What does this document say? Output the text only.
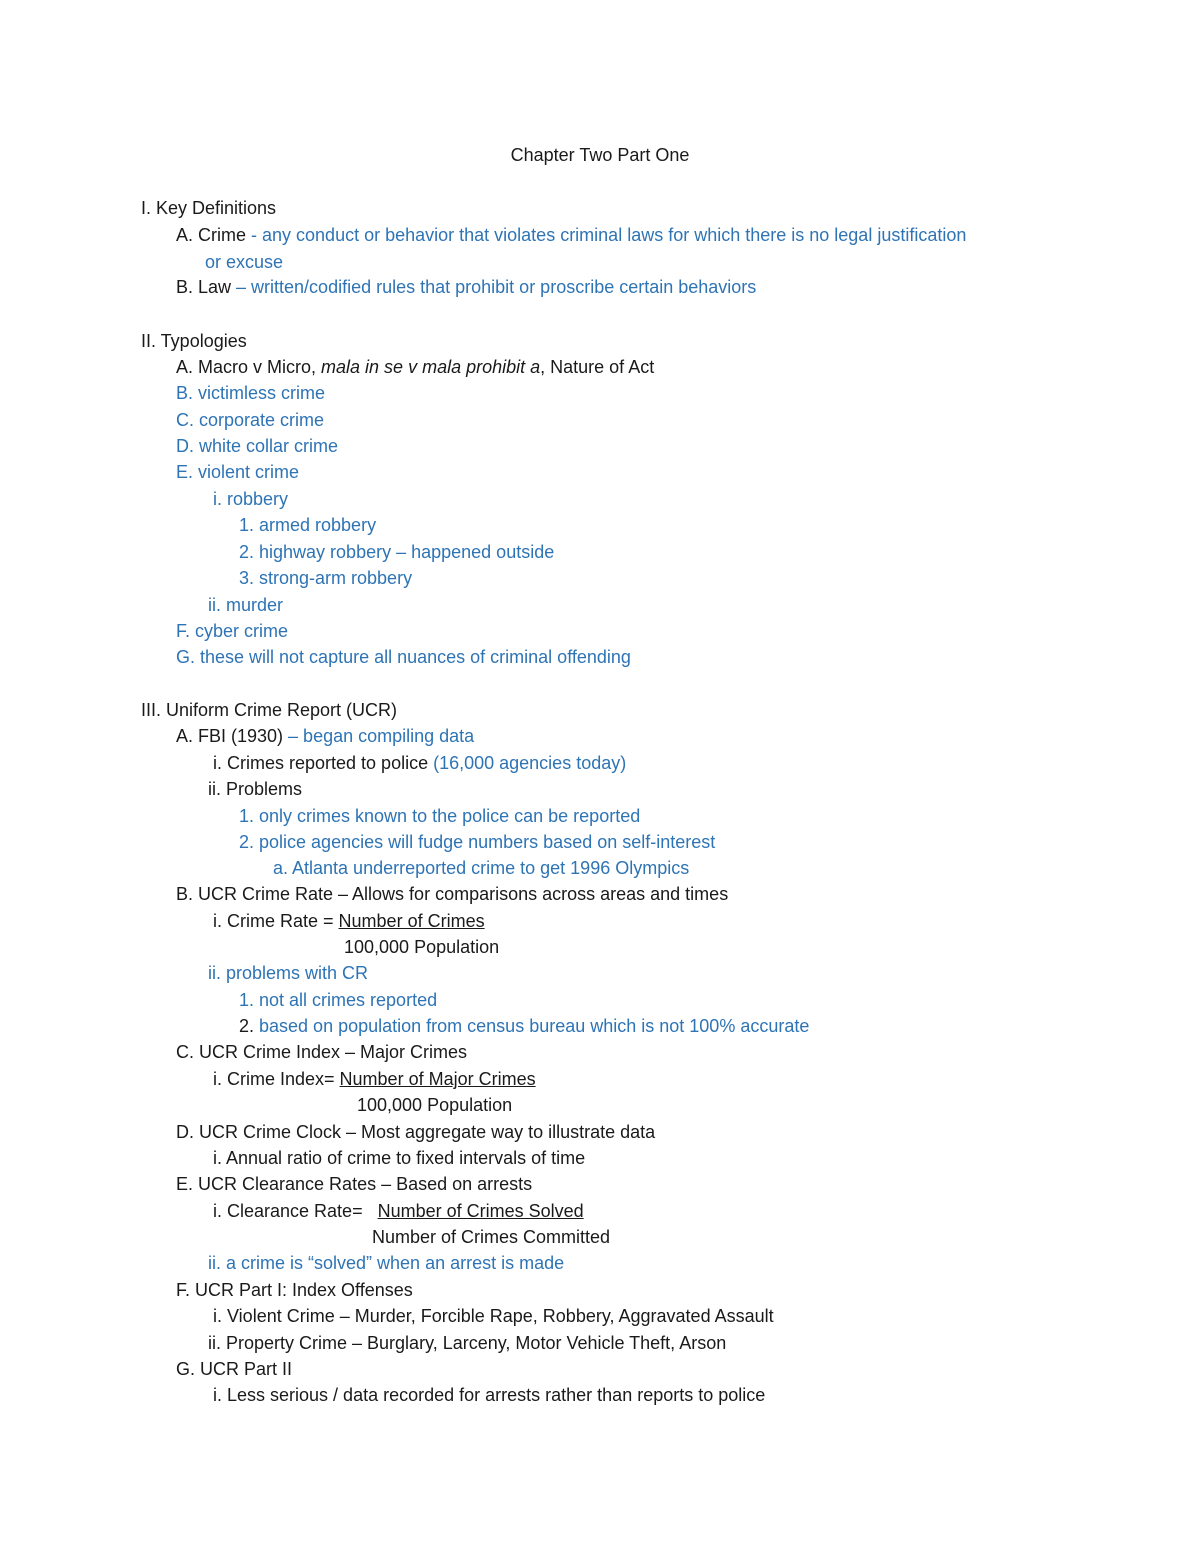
Chapter Two Part One
I. Key Definitions
A. Crime - any conduct or behavior that violates criminal laws for which there is no legal justification
or excuse
B. Law – written/codified rules that prohibit or proscribe certain behaviors
II. Typologies
A. Macro v Micro, mala in se v mala prohibit a, Nature of Act
B. victimless crime
C. corporate crime
D. white collar crime
E. violent crime
i. robbery
1. armed robbery
2. highway robbery – happened outside
3. strong-arm robbery
ii. murder
F. cyber crime
G. these will not capture all nuances of criminal offending
III. Uniform Crime Report (UCR)
A. FBI (1930) – began compiling data
i. Crimes reported to police (16,000 agencies today)
ii. Problems
1. only crimes known to the police can be reported
2. police agencies will fudge numbers based on self-interest
a. Atlanta underreported crime to get 1996 Olympics
B. UCR Crime Rate – Allows for comparisons across areas and times
i. Crime Rate = Number of Crimes
100,000 Population
ii. problems with CR
1. not all crimes reported
2. based on population from census bureau which is not 100% accurate
C. UCR Crime Index – Major Crimes
i. Crime Index= Number of Major Crimes
100,000 Population
D. UCR Crime Clock – Most aggregate way to illustrate data
i. Annual ratio of crime to fixed intervals of time
E. UCR Clearance Rates – Based on arrests
i. Clearance Rate= Number of Crimes Solved
Number of Crimes Committed
ii. a crime is “solved” when an arrest is made
F. UCR Part I: Index Offenses
i. Violent Crime – Murder, Forcible Rape, Robbery, Aggravated Assault
ii. Property Crime – Burglary, Larceny, Motor Vehicle Theft, Arson
G. UCR Part II
i. Less serious / data recorded for arrests rather than reports to police
